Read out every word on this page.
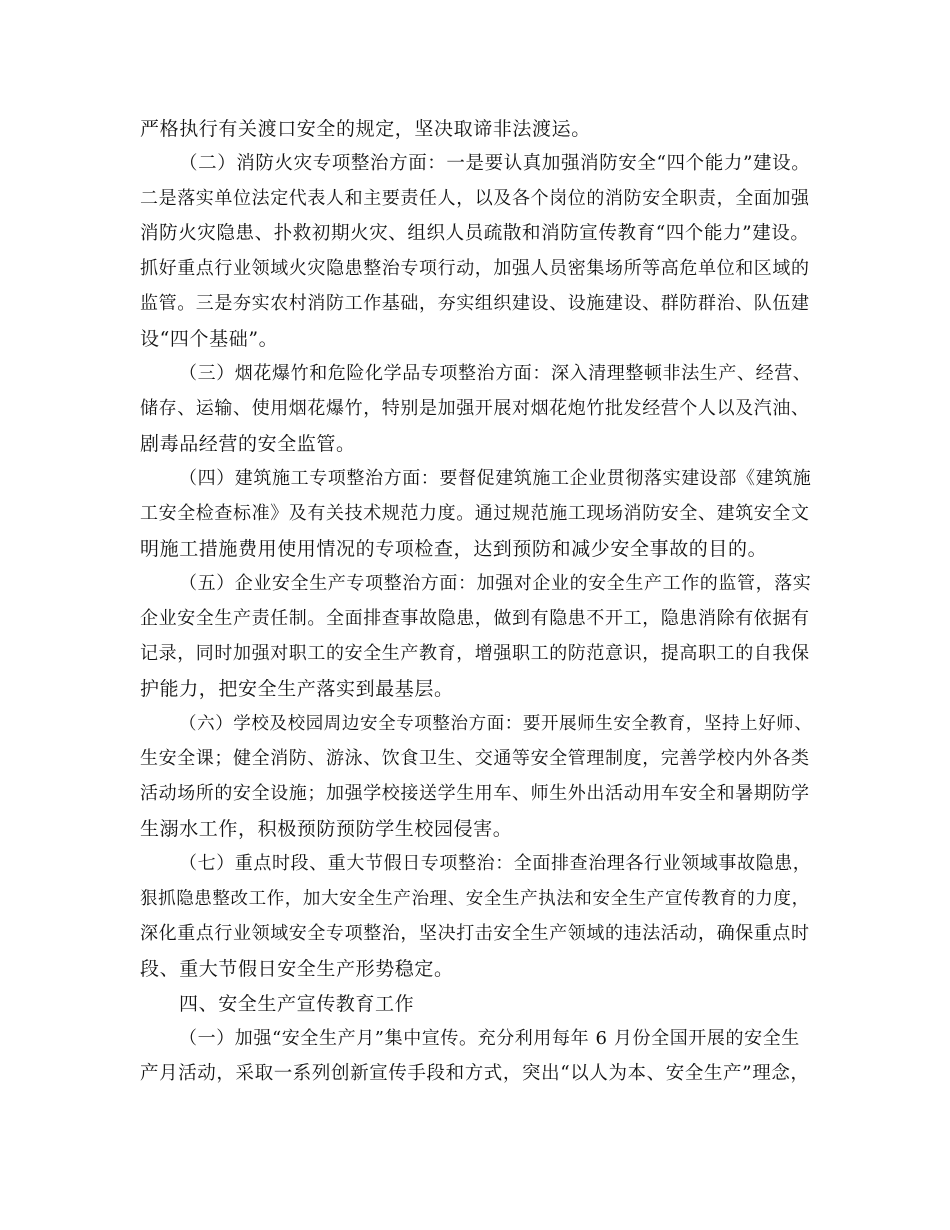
严格执行有关渡口安全的规定，坚决取谛非法渡运。
（二）消防火灾专项整治方面：一是要认真加强消防安全“四个能力”建设。
二是落实单位法定代表人和主要责任人，以及各个岗位的消防安全职责，全面加强
消防火灾隐患、扑救初期火灾、组织人员疏散和消防宣传教育“四个能力”建设。
抓好重点行业领域火灾隐患整治专项行动，加强人员密集场所等高危单位和区域的
监管。三是夯实农村消防工作基础，夯实组织建设、设施建设、群防群治、队伍建
设“四个基础”。
（三）烟花爆竹和危险化学品专项整治方面：深入清理整顿非法生产、经营、
储存、运输、使用烟花爆竹，特别是加强开展对烟花炮竹批发经营个人以及汽油、
剧毒品经营的安全监管。
（四）建筑施工专项整治方面：要督促建筑施工企业贯彻落实建设部《建筑施
工安全检查标准》及有关技术规范力度。通过规范施工现场消防安全、建筑安全文
明施工措施费用使用情况的专项检查，达到预防和减少安全事故的目的。
（五）企业安全生产专项整治方面：加强对企业的安全生产工作的监管，落实
企业安全生产责任制。全面排查事故隐患，做到有隐患不开工，隐患消除有依据有
记录，同时加强对职工的安全生产教育，增强职工的防范意识，提高职工的自我保
护能力，把安全生产落实到最基层。
（六）学校及校园周边安全专项整治方面：要开展师生安全教育，坚持上好师、
生安全课；健全消防、游泳、饮食卫生、交通等安全管理制度，完善学校内外各类
活动场所的安全设施；加强学校接送学生用车、师生外出活动用车安全和暑期防学
生溺水工作，积极预防预防学生校园侵害。
（七）重点时段、重大节假日专项整治：全面排查治理各行业领域事故隐患，
狠抓隐患整改工作，加大安全生产治理、安全生产执法和安全生产宣传教育的力度，
深化重点行业领域安全专项整治，坚决打击安全生产领域的违法活动，确保重点时
段、重大节假日安全生产形势稳定。
四、安全生产宣传教育工作
（一）加强“安全生产月”集中宣传。充分利用每年 6 月份全国开展的安全生
产月活动，采取一系列创新宣传手段和方式，突出“以人为本、安全生产”理念，
